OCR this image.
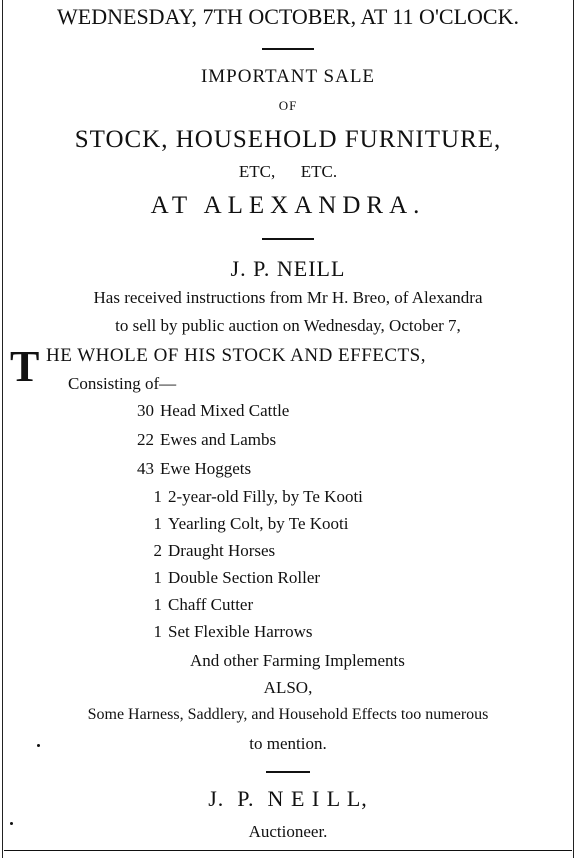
WEDNESDAY, 7TH OCTOBER, AT 11 O'CLOCK.
IMPORTANT SALE
OF
STOCK, HOUSEHOLD FURNITURE,
ETC,      ETC.
AT ALEXANDRA.
J. P. NEILL
Has received instructions from Mr H. Breo, of Alexandra
to sell by public auction on Wednesday, October 7,
T HE WHOLE OF HIS STOCK AND EFFECTS,
Consisting of—
30 Head Mixed Cattle
22 Ewes and Lambs
43 Ewe Hoggets
1 2-year-old Filly, by Te Kooti
1 Yearling Colt, by Te Kooti
2 Draught Horses
1 Double Section Roller
1 Chaff Cutter
1 Set Flexible Harrows
And other Farming Implements
ALSO,
Some Harness, Saddlery, and Household Effects too numerous
to mention.
J.  P.  N E I L L,
Auctioneer.
